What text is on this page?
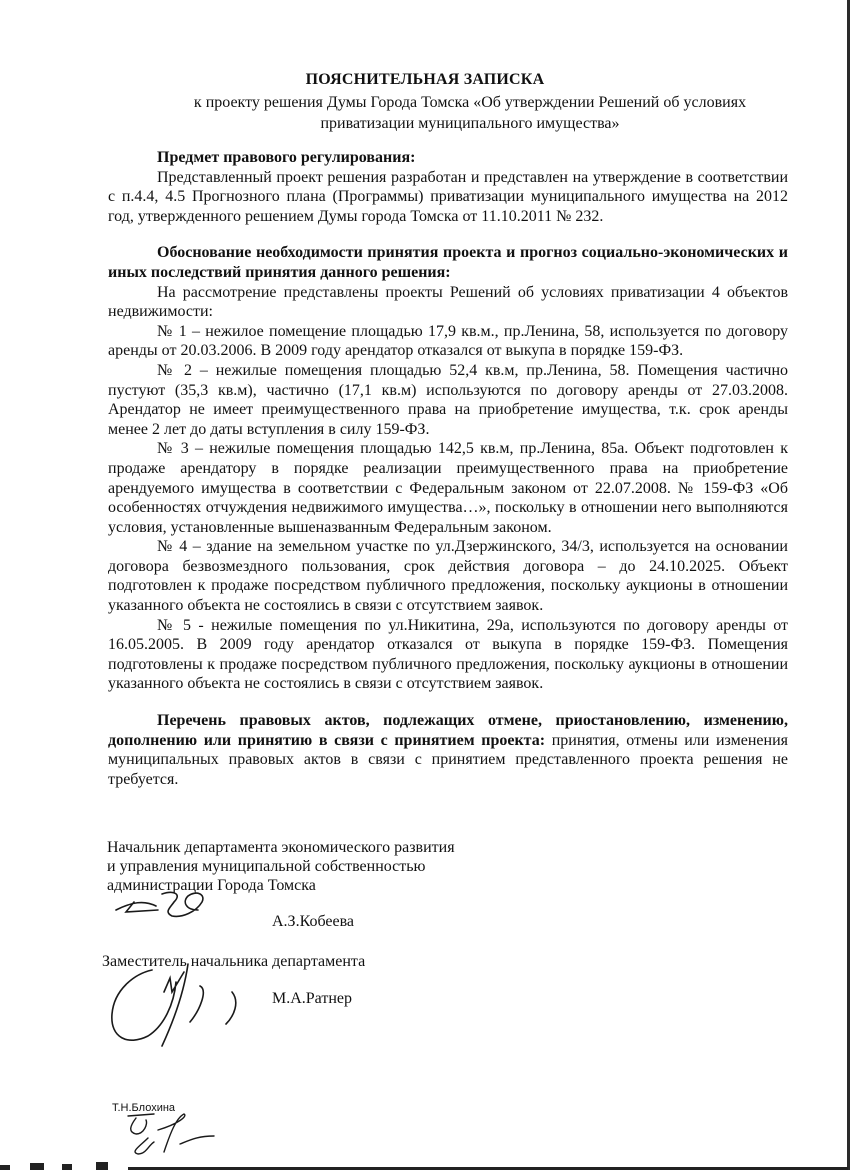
ПОЯСНИТЕЛЬНАЯ ЗАПИСКА
к проекту решения Думы Города Томска «Об утверждении Решений об условиях
приватизации муниципального имущества»

Предмет правового регулирования:

Представленный проект решения разработан и представлен на утверждение в соответствии с п.4.4, 4.5 Прогнозного плана (Программы) приватизации муниципального имущества на 2012 год, утвержденного решением Думы города Томска от 11.10.2011 № 232.

Обоснование необходимости принятия проекта и прогноз социально-экономических и иных последствий принятия данного решения:

На рассмотрение представлены проекты Решений об условиях приватизации 4 объектов недвижимости:

№ 1 – нежилое помещение площадью 17,9 кв.м., пр.Ленина, 58, используется по договору аренды от 20.03.2006. В 2009 году арендатор отказался от выкупа в порядке 159-ФЗ.

№ 2 – нежилые помещения площадью 52,4 кв.м, пр.Ленина, 58. Помещения частично пустуют (35,3 кв.м), частично (17,1 кв.м) используются по договору аренды от 27.03.2008. Арендатор не имеет преимущественного права на приобретение имущества, т.к. срок аренды менее 2 лет до даты вступления в силу 159-ФЗ.

№ 3 – нежилые помещения площадью 142,5 кв.м, пр.Ленина, 85а. Объект подготовлен к продаже арендатору в порядке реализации преимущественного права на приобретение арендуемого имущества в соответствии с Федеральным законом от 22.07.2008. № 159-ФЗ «Об особенностях отчуждения недвижимого имущества…», поскольку в отношении него выполняются условия, установленные вышеназванным Федеральным законом.

№ 4 – здание на земельном участке по ул.Дзержинского, 34/3, используется на основании договора безвозмездного пользования, срок действия договора – до 24.10.2025. Объект подготовлен к продаже посредством публичного предложения, поскольку аукционы в отношении указанного объекта не состоялись в связи с отсутствием заявок.

№ 5 - нежилые помещения по ул.Никитина, 29а, используются по договору аренды от 16.05.2005. В 2009 году арендатор отказался от выкупа в порядке 159-ФЗ. Помещения подготовлены к продаже посредством публичного предложения, поскольку аукционы в отношении указанного объекта не состоялись в связи с отсутствием заявок.

Перечень правовых актов, подлежащих отмене, приостановлению, изменению, дополнению или принятию в связи с принятием проекта: принятия, отмены или изменения муниципальных правовых актов в связи с принятием представленного проекта решения не требуется.

Начальник департамента экономического развития
и управления муниципальной собственностью
администрации Города Томска
А.З.Кобеева
Заместитель начальника департамента
М.А.Ратнер
Т.Н.Блохина
